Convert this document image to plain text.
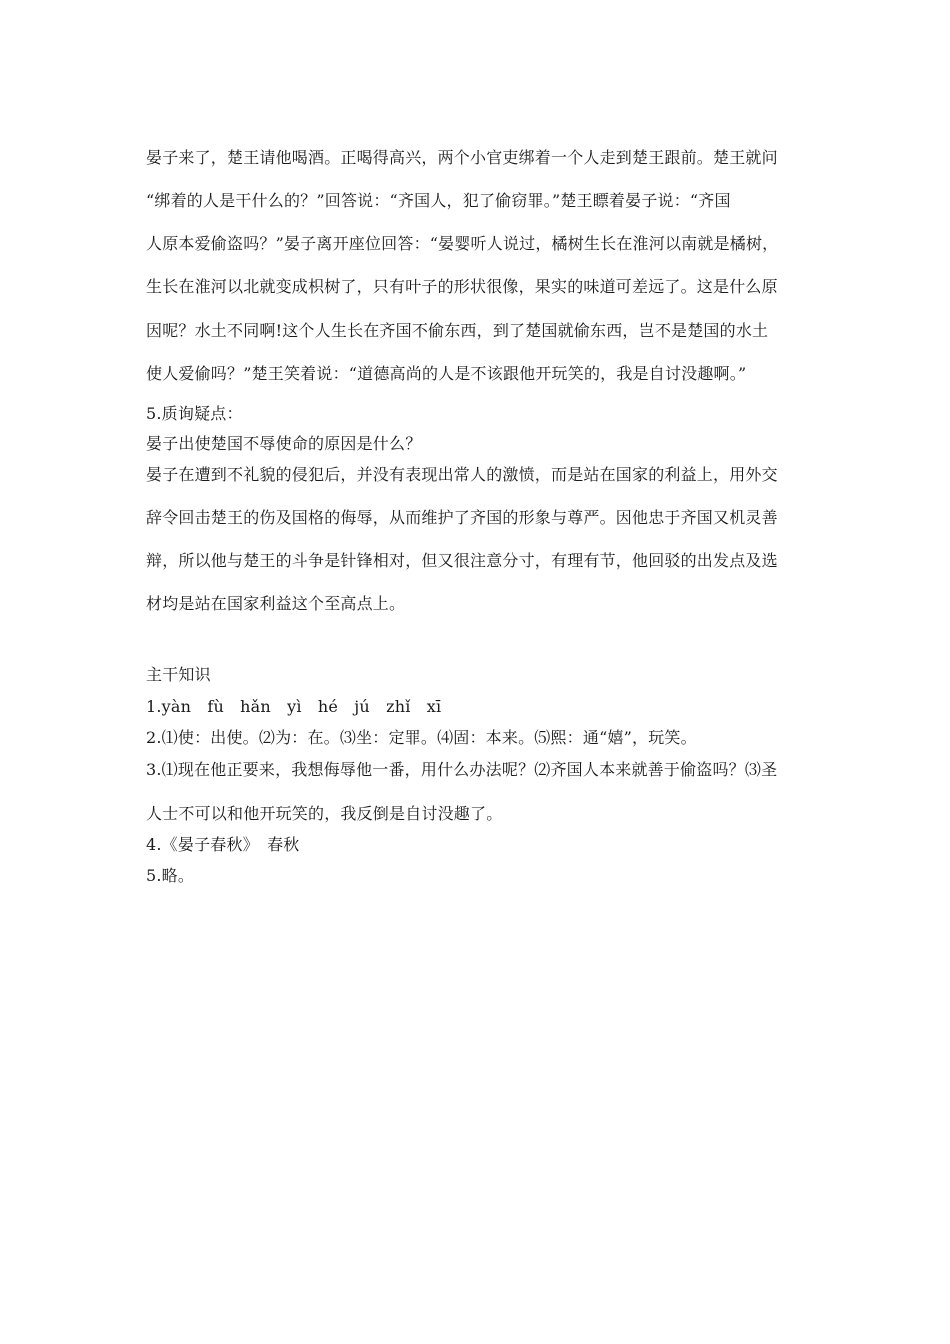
晏子来了，楚王请他喝酒。正喝得高兴，两个小官吏绑着一个人走到楚王跟前。楚王就问
“绑着的人是干什么的？”回答说：“齐国人，犯了偷窃罪。”楚王瞟着晏子说：“齐国
人原本爱偷盗吗？”晏子离开座位回答：“晏婴听人说过，橘树生长在淮河以南就是橘树，
生长在淮河以北就变成枳树了，只有叶子的形状很像，果实的味道可差远了。这是什么原
因呢？水土不同啊!这个人生长在齐国不偷东西，到了楚国就偷东西，岂不是楚国的水土
使人爱偷吗？”楚王笑着说：“道德高尚的人是不该跟他开玩笑的，我是自讨没趣啊。”
5.质询疑点：
晏子出使楚国不辱使命的原因是什么？
晏子在遭到不礼貌的侵犯后，并没有表现出常人的激愤，而是站在国家的利益上，用外交
辞令回击楚王的伤及国格的侮辱，从而维护了齐国的形象与尊严。因他忠于齐国又机灵善
辩，所以他与楚王的斗争是针锋相对，但又很注意分寸，有理有节，他回驳的出发点及选
材均是站在国家利益这个至高点上。
主干知识
1.yàn　fù　hǎn　yì　hé　jú　zhǐ　xī
2.⑴使：出使。⑵为：在。⑶坐：定罪。⑷固：本来。⑸熙：通“嬉”，玩笑。
3.⑴现在他正要来，我想侮辱他一番，用什么办法呢？⑵齐国人本来就善于偷盗吗？⑶圣
人士不可以和他开玩笑的，我反倒是自讨没趣了。
4.《晏子春秋》　春秋
5.略。
